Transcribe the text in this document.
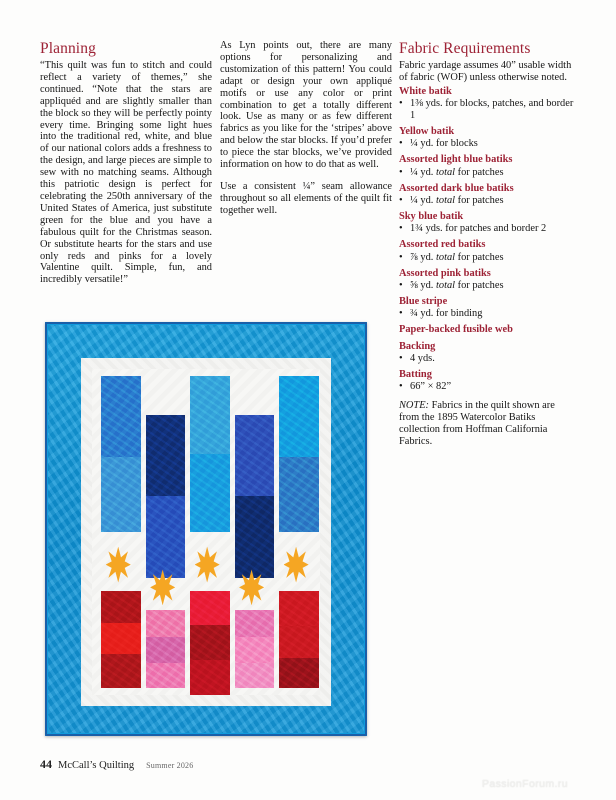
Planning

“This quilt was fun to stitch and could reflect a variety of themes,” she continued. “Note that the stars are appliquéd and are slightly smaller than the block so they will be perfectly pointy every time. Bringing some light hues into the traditional red, white, and blue of our national colors adds a freshness to the design, and large pieces are simple to sew with no matching seams. Although this patriotic design is perfect for celebrating the 250th anniversary of the United States of America, just substitute green for the blue and you have a fabulous quilt for the Christmas season. Or substitute hearts for the stars and use only reds and pinks for a lovely Valentine quilt. Simple, fun, and incredibly versatile!”

As Lyn points out, there are many options for personalizing and customization of this pattern! You could adapt or design your own appliqué motifs or use any color or print combination to get a totally different look. Use as many or as few different fabrics as you like for the ‘stripes’ above and below the star blocks. If you’d prefer to piece the star blocks, we’ve provided information on how to do that as well.

Use a consistent ¼” seam allowance throughout so all elements of the quilt fit together well.

Fabric Requirements

Fabric yardage assumes 40” usable width of fabric (WOF) unless otherwise noted.

White batik

• 1⅜ yds. for blocks, patches, and border 1

Yellow batik

• ¼ yd. for blocks

Assorted light blue batiks

• ¼ yd. total for patches

Assorted dark blue batiks

• ¼ yd. total for patches

Sky blue batik

• 1¾ yds. for patches and border 2

Assorted red batiks

• ⅞ yd. total for patches

Assorted pink batiks

• ⅝ yd. total for patches

Blue stripe

• ¾ yd. for binding

Paper-backed fusible web

Backing

• 4 yds.

Batting

• 66” × 82”

NOTE: Fabrics in the quilt shown are from the 1895 Watercolor Batiks collection from Hoffman California Fabrics.

44 McCall’s Quilting Summer 2026
PassionForum.ru
